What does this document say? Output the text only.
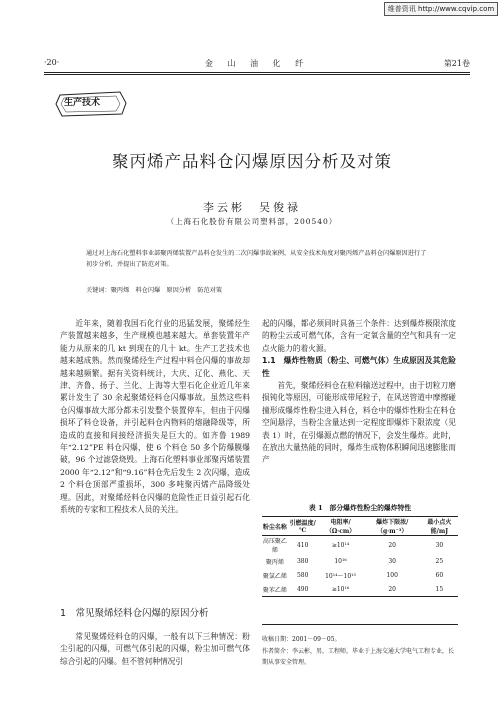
维普资讯 http://www.cqvip.com
·20·	金 山 油 化 纤	第21卷
生产技术
聚丙烯产品料仓闪爆原因分析及对策
李云彬　吴俊禄
（上海石化股份有限公司塑料部，200540）
通过对上海石化塑料事业部聚丙烯装置产品料仓发生的二次闪爆事故案例，从安全技术角度对聚丙烯产品料仓闪爆原因进行了初步分析，并提出了防范对策。
关键词：聚丙烯　料仓闪爆　原因分析　防范对策

近年来，随着我国石化行业的迅猛发展，聚烯烃生产装置越来越多，生产规模也越来越大。单套装置年产能力从原来的几 kt 到现在的几十 kt。生产工艺技术也越来越成熟。然而聚烯烃生产过程中料仓闪爆的事故却越来越频繁。据有关资料统计，大庆、辽化、燕化、天津、齐鲁、扬子、兰化、上海等大型石化企业近几年来累计发生了 30 余起聚烯烃料仓闪爆事故。虽然这些料仓闪爆事故大部分都未引发整个装置停车，但由于闪爆损坏了料仓设备，并引起料仓内物料的熔融降级等，所造成的直接和间接经济损失是巨大的。如齐鲁 1989 年“2.12”PE 料仓闪爆，使 6 个料仓 50 多个防爆膜爆破，96 个过滤袋烧毁。上海石化塑料事业部聚丙烯装置 2000 年“2.12”和“9.16”料仓先后发生 2 次闪爆，造成 2 个料仓顶部严重损坏，300 多吨聚丙烯产品降级处理。因此，对聚烯烃料仓闪爆的危险性正日益引起石化系统的专家和工程技术人员的关注。

1　常见聚烯烃料仓闪爆的原因分析

常见聚烯烃料仓的闪爆，一般有以下三种情况：粉尘引起的闪爆，可燃气体引起的闪爆，粉尘加可燃气体综合引起的闪爆。但不管何种情况引

起的闪爆，都必须同时具备三个条件：达到爆炸极限浓度的粉尘云或可燃气体，含有一定氧含量的空气和具有一定点火能力的着火源。

1.1　爆炸性物质（粉尘、可燃气体）生成原因及其危险性

首先，聚烯烃料仓在粒料输送过程中，由于切粒刀磨损钝化等原因，可能形成带尾粒子，在风送管道中摩擦碰撞形成爆炸性粉尘进入料仓，料仓中的爆炸性粉尘在料仓空间悬浮，当粉尘含量达到一定程度即爆炸下限浓度（见表 1）时，在引爆源点燃的情况下，会发生爆炸。此时，在放出大量热能的同时，爆炸生成物体积瞬间迅速膨胀而产

表 1　部分爆炸性粉尘的爆炸特性
粉尘名称	引燃温度/℃	电阻率/（Ω·cm）	爆炸下限浓/（g·m⁻³）	最小点火能/mJ
高压聚乙烯	410	≥10¹⁴	20	30
聚丙烯	380	10¹⁶	30	25
聚氯乙烯	580	10¹⁴～10¹⁵	100	60
聚苯乙烯	490	≥10¹⁶	20	15

收稿日期：2001－09－05。

作者简介：李云彬，男，工程师，毕业于上海交通大学电气工程专业，长期从事安全管理。
